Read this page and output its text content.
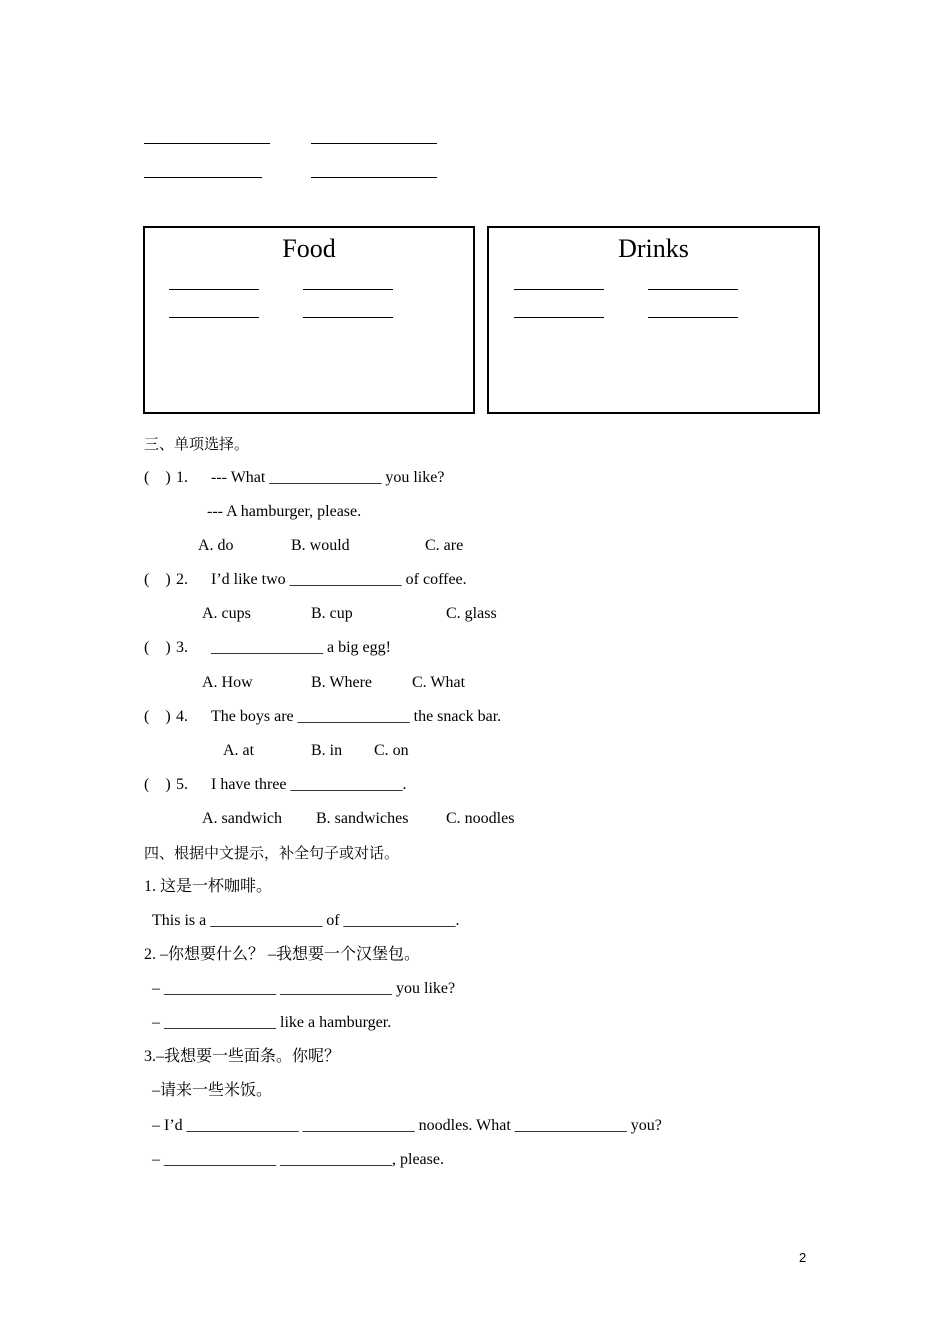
Food	Drinks
三、单项选择。
(    ) 1. --- What ______________ you like?
--- A hamburger, please.
A. do	B. would	C. are
(    ) 2. I’d like two ______________ of coffee.
A. cups	B. cup	C. glass
(    ) 3. ______________ a big egg!
A. How	B. Where C. What
(    ) 4. The boys are ______________ the snack bar.
A. at	B. in C. on
(    ) 5. I have three ______________.
A. sandwich B. sandwiches C. noodles
四、根据中文提示，补全句子或对话。
1. 这是一杯咖啡。
This is a ______________ of ______________.
2. –你想要什么？ –我想要一个汉堡包。
– ______________ ______________ you like?
– ______________ like a hamburger.
3.–我想要一些面条。你呢？
–请来一些米饭。
– I’d ______________ ______________ noodles. What ______________ you?
– ______________ ______________, please.
2
